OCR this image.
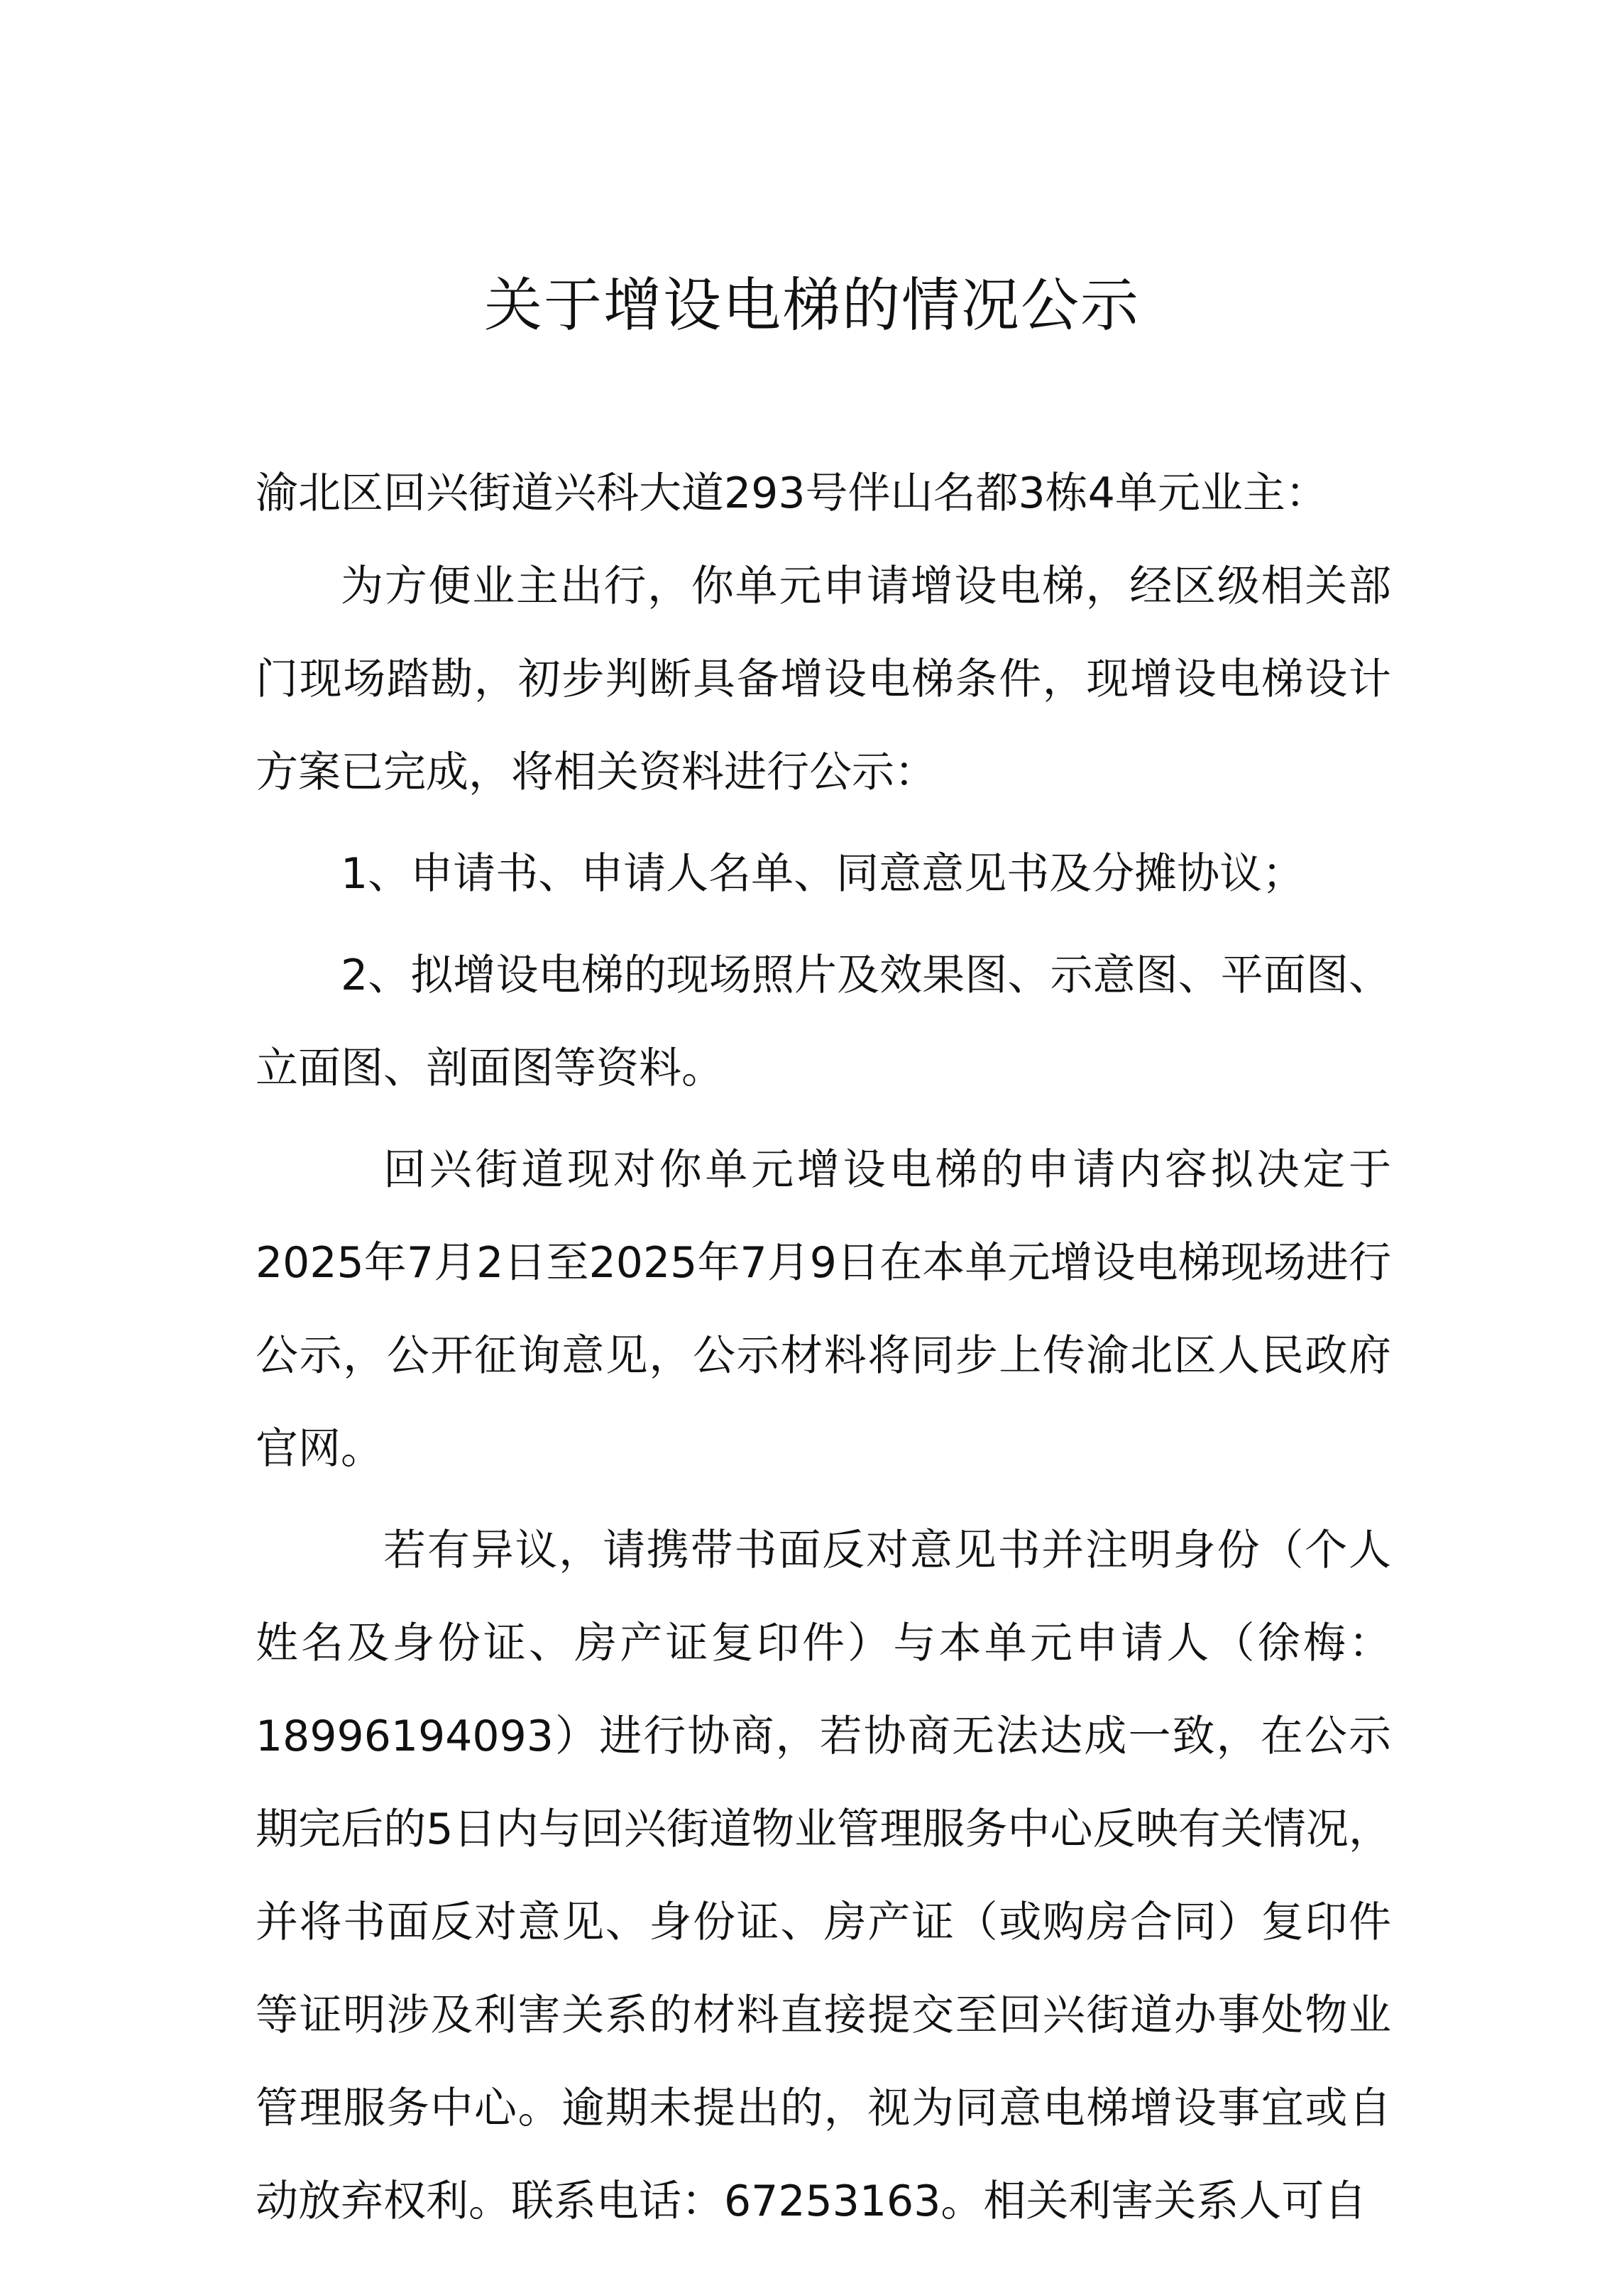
关于增设电梯的情况公示

渝北区回兴街道兴科大道293号伴山名都3栋4单元业主：

为方便业主出行，你单元申请增设电梯，经区级相关部门现场踏勘，初步判断具备增设电梯条件，现增设电梯设计方案已完成，将相关资料进行公示：

1、申请书、申请人名单、同意意见书及分摊协议；

2、拟增设电梯的现场照片及效果图、示意图、平面图、立面图、剖面图等资料。

回兴街道现对你单元增设电梯的申请内容拟决定于2025年7月2日至2025年7月9日在本单元增设电梯现场进行公示，公开征询意见，公示材料将同步上传渝北区人民政府官网。

若有异议，请携带书面反对意见书并注明身份（个人姓名及身份证、房产证复印件）与本单元申请人（徐梅：18996194093）进行协商，若协商无法达成一致，在公示期完后的5日内与回兴街道物业管理服务中心反映有关情况，并将书面反对意见、身份证、房产证（或购房合同）复印件等证明涉及利害关系的材料直接提交至回兴街道办事处物业管理服务中心。逾期未提出的，视为同意电梯增设事宜或自动放弃权利。联系电话：67253163。相关利害关系人可自
